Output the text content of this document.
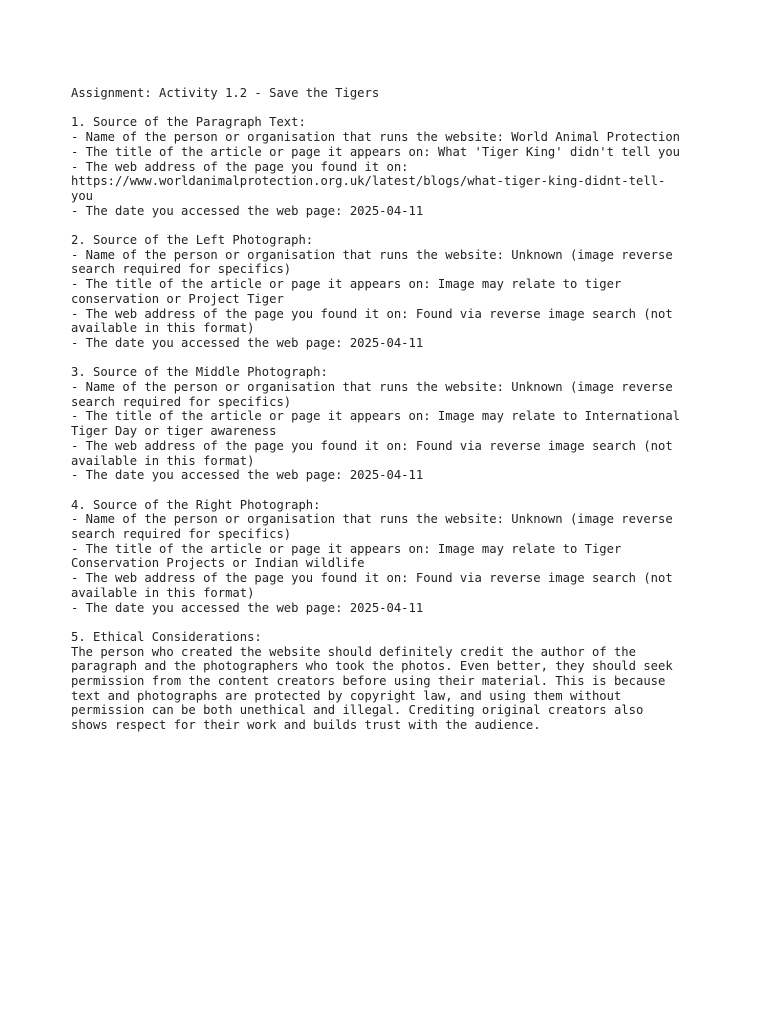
Assignment: Activity 1.2 - Save the Tigers
1. Source of the Paragraph Text:
- Name of the person or organisation that runs the website: World Animal Protection
- The title of the article or page it appears on: What 'Tiger King' didn't tell you
- The web address of the page you found it on:
https://www.worldanimalprotection.org.uk/latest/blogs/what-tiger-king-didnt-tell-
you
- The date you accessed the web page: 2025-04-11
2. Source of the Left Photograph:
- Name of the person or organisation that runs the website: Unknown (image reverse
search required for specifics)
- The title of the article or page it appears on: Image may relate to tiger
conservation or Project Tiger
- The web address of the page you found it on: Found via reverse image search (not
available in this format)
- The date you accessed the web page: 2025-04-11
3. Source of the Middle Photograph:
- Name of the person or organisation that runs the website: Unknown (image reverse
search required for specifics)
- The title of the article or page it appears on: Image may relate to International
Tiger Day or tiger awareness
- The web address of the page you found it on: Found via reverse image search (not
available in this format)
- The date you accessed the web page: 2025-04-11
4. Source of the Right Photograph:
- Name of the person or organisation that runs the website: Unknown (image reverse
search required for specifics)
- The title of the article or page it appears on: Image may relate to Tiger
Conservation Projects or Indian wildlife
- The web address of the page you found it on: Found via reverse image search (not
available in this format)
- The date you accessed the web page: 2025-04-11
5. Ethical Considerations:
The person who created the website should definitely credit the author of the
paragraph and the photographers who took the photos. Even better, they should seek
permission from the content creators before using their material. This is because
text and photographs are protected by copyright law, and using them without
permission can be both unethical and illegal. Crediting original creators also
shows respect for their work and builds trust with the audience.
